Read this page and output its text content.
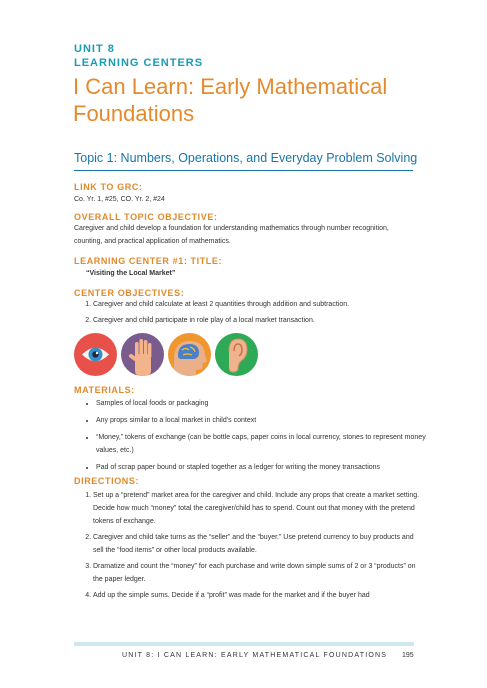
UNIT 8
LEARNING CENTERS
I Can Learn: Early Mathematical Foundations
Topic 1: Numbers, Operations, and Everyday Problem Solving
LINK TO GRC:
Co. Yr. 1, #25, CO. Yr. 2, #24
OVERALL TOPIC OBJECTIVE:
Caregiver and child develop a foundation for understanding mathematics through number recognition, counting, and practical application of mathematics.
LEARNING CENTER #1: TITLE:
“Visiting the Local Market”
CENTER OBJECTIVES:
1. Caregiver and child calculate at least 2 quantities through addition and subtraction.
2. Caregiver and child participate in role play of a local market transaction.
MATERIALS:
• Samples of local foods or packaging
• Any props similar to a local market in child’s context
• “Money,” tokens of exchange (can be bottle caps, paper coins in local currency, stones to represent money values, etc.)
• Pad of scrap paper bound or stapled together as a ledger for writing the money transactions
DIRECTIONS:
1. Set up a “pretend” market area for the caregiver and child. Include any props that create a market setting. Decide how much “money” total the caregiver/child has to spend. Count out that money with the pretend tokens of exchange.
2. Caregiver and child take turns as the “seller” and the “buyer.” Use pretend currency to buy products and sell the “food items” or other local products available.
3. Dramatize and count the “money” for each purchase and write down simple sums of 2 or 3 “products” on the paper ledger.
4. Add up the simple sums. Decide if a “profit” was made for the market and if the buyer had
UNIT 8: I CAN LEARN: EARLY MATHEMATICAL FOUNDATIONS 195
